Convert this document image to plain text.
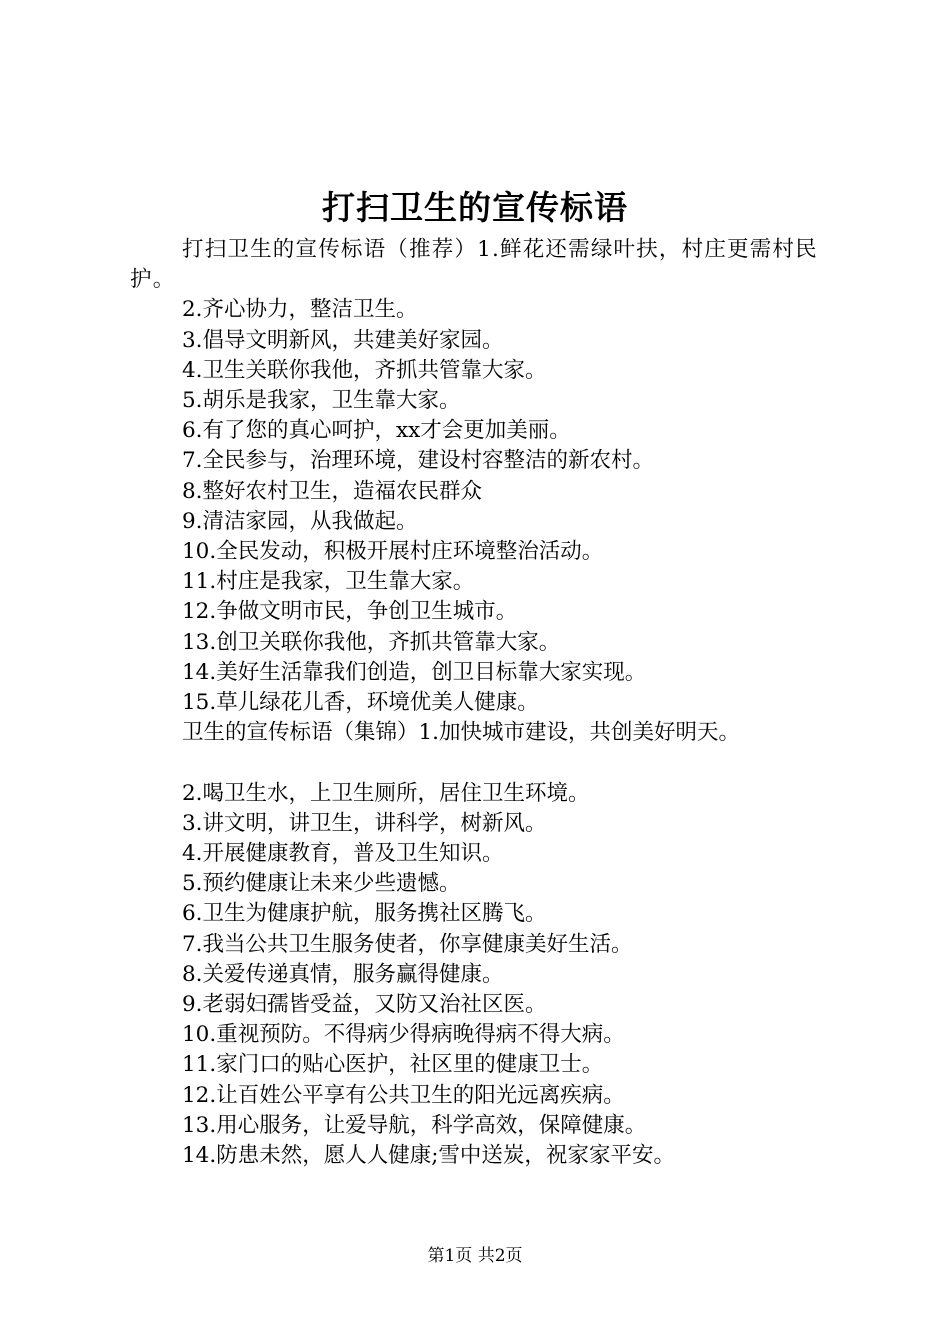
打扫卫生的宣传标语

打扫卫生的宣传标语（推荐）1.鲜花还需绿叶扶，村庄更需村民护。

2.齐心协力，整洁卫生。

3.倡导文明新风，共建美好家园。

4.卫生关联你我他，齐抓共管靠大家。

5.胡乐是我家，卫生靠大家。

6.有了您的真心呵护，xx才会更加美丽。

7.全民参与，治理环境，建设村容整洁的新农村。

8.整好农村卫生，造福农民群众

9.清洁家园，从我做起。

10.全民发动，积极开展村庄环境整治活动。

11.村庄是我家，卫生靠大家。

12.争做文明市民，争创卫生城市。

13.创卫关联你我他，齐抓共管靠大家。

14.美好生活靠我们创造，创卫目标靠大家实现。

15.草儿绿花儿香，环境优美人健康。

卫生的宣传标语（集锦）1.加快城市建设，共创美好明天。

2.喝卫生水，上卫生厕所，居住卫生环境。

3.讲文明，讲卫生，讲科学，树新风。

4.开展健康教育，普及卫生知识。

5.预约健康让未来少些遗憾。

6.卫生为健康护航，服务携社区腾飞。

7.我当公共卫生服务使者，你享健康美好生活。

8.关爱传递真情，服务赢得健康。

9.老弱妇孺皆受益，又防又治社区医。

10.重视预防。不得病少得病晚得病不得大病。

11.家门口的贴心医护，社区里的健康卫士。

12.让百姓公平享有公共卫生的阳光远离疾病。

13.用心服务，让爱导航，科学高效，保障健康。

14.防患未然，愿人人健康;雪中送炭，祝家家平安。

第1页 共2页
